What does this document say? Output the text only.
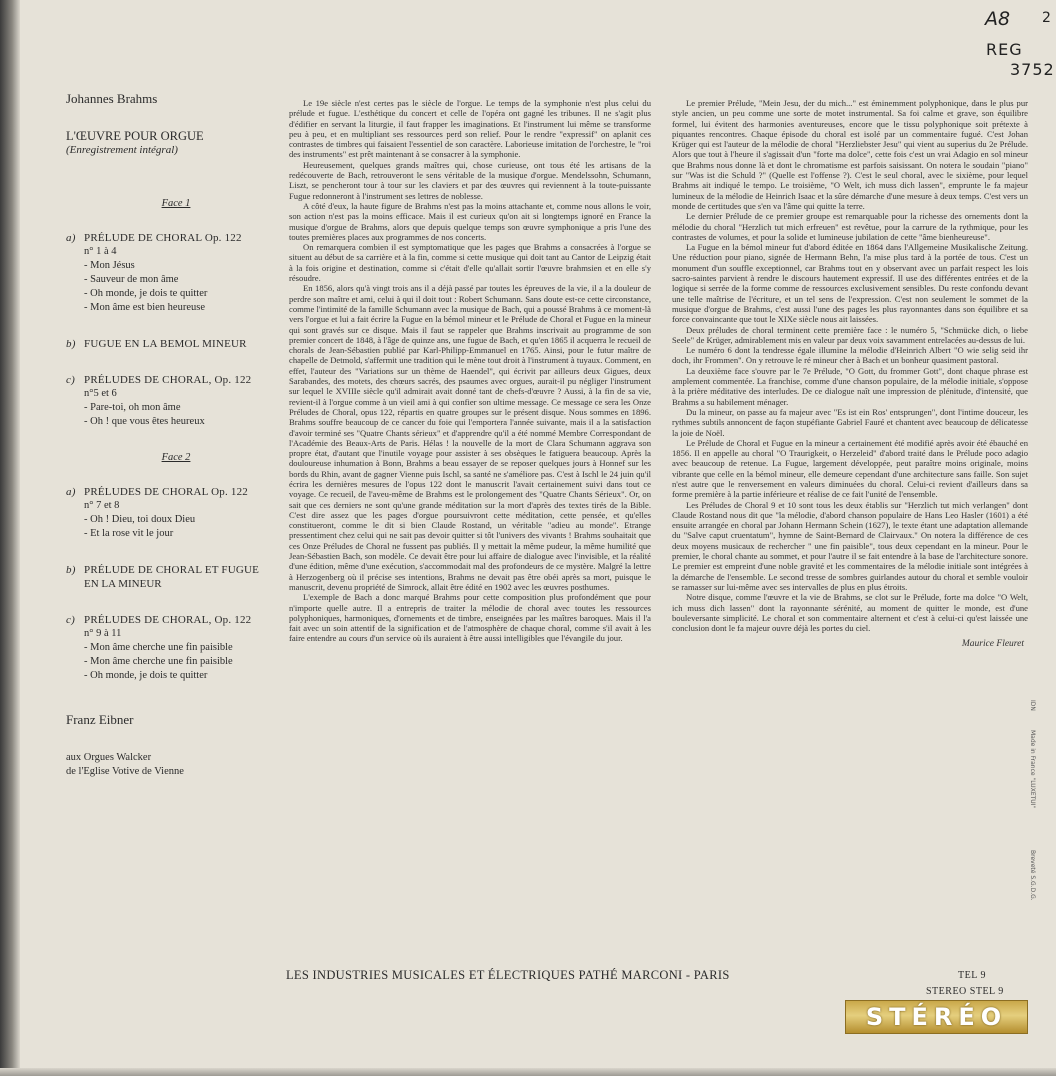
A8 2
REG
3752
Johannes Brahms
L'ŒUVRE POUR ORGUE
(Enregistrement intégral)
Face 1
a) PRÉLUDE DE CHORAL Op. 122
n° 1 à 4
- Mon Jésus
- Sauveur de mon âme
- Oh monde, je dois te quitter
- Mon âme est bien heureuse
b) FUGUE EN LA BEMOL MINEUR
c) PRÉLUDES DE CHORAL, Op. 122
n°5 et 6
- Pare-toi, oh mon âme
- Oh ! que vous êtes heureux
Face 2
a) PRÉLUDES DE CHORAL Op. 122
n° 7 et 8
- Oh ! Dieu, toi doux Dieu
- Et la rose vit le jour
b) PRÉLUDE DE CHORAL ET FUGUE
EN LA MINEUR
c) PRÉLUDES DE CHORAL, Op. 122
n° 9 à 11
- Mon âme cherche une fin paisible
- Mon âme cherche une fin paisible
- Oh monde, je dois te quitter
Franz Eibner
aux Orgues Walcker
de l'Eglise Votive de Vienne

Le 19e siècle n'est certes pas le siècle de l'orgue. Le temps de la symphonie n'est plus celui du prélude et fugue. L'esthétique du concert et celle de l'opéra ont gagné les tribunes. Il ne s'agit plus d'édifier en servant la liturgie, il faut frapper les imaginations. Et l'instrument lui même se transforme peu à peu, et en multipliant ses ressources perd son relief. Pour le rendre "expressif" on aplanit ces contrastes de timbres qui faisaient l'essentiel de son caractère. Laborieuse imitation de l'orchestre, le "roi des instruments" est prêt maintenant à se consacrer à la symphonie.

Heureusement, quelques grands maîtres qui, chose curieuse, ont tous été les artisans de la redécouverte de Bach, retrouveront le sens véritable de la musique d'orgue. Mendelssohn, Schumann, Liszt, se pencheront tour à tour sur les claviers et par des œuvres qui reviennent à la toute-puissante Fugue redonneront à l'instrument ses lettres de noblesse.

A côté d'eux, la haute figure de Brahms n'est pas la moins attachante et, comme nous allons le voir, son action n'est pas la moins efficace. Mais il est curieux qu'on ait si longtemps ignoré en France la musique d'orgue de Brahms, alors que depuis quelque temps son œuvre symphonique a pris l'une des toutes premières places aux programmes de nos concerts.

On remarquera combien il est symptomatique que les pages que Brahms a consacrées à l'orgue se situent au début de sa carrière et à la fin, comme si cette musique qui doit tant au Cantor de Leipzig était à la fois origine et destination, comme si c'était d'elle qu'allait sortir l'œuvre brahmsien et en elle s'y résoudre.

En 1856, alors qu'à vingt trois ans il a déjà passé par toutes les épreuves de la vie, il a la douleur de perdre son maître et ami, celui à qui il doit tout : Robert Schumann. Sans doute est-ce cette circonstance, comme l'intimité de la famille Schumann avec la musique de Bach, qui a poussé Brahms à ce moment-là vers l'orgue et lui a fait écrire la Fugue en la bémol mineur et le Prélude de Choral et Fugue en la mineur qui sont gravés sur ce disque. Mais il faut se rappeler que Brahms inscrivait au programme de son premier concert de 1848, à l'âge de quinze ans, une fugue de Bach, et qu'en 1865 il acquerra le recueil de chorals de Jean-Sébastien publié par Karl-Philipp-Emmanuel en 1765. Ainsi, pour le futur maître de chapelle de Detmold, s'affermit une tradition qui le mène tout droit à l'instrument à tuyaux. Comment, en effet, l'auteur des "Variations sur un thème de Haendel", qui écrivit par ailleurs deux Gigues, deux Sarabandes, des motets, des chœurs sacrés, des psaumes avec orgues, aurait-il pu négliger l'instrument sur lequel le XVIIIe siècle qu'il admirait avait donné tant de chefs-d'œuvre ? Aussi, à la fin de sa vie, revient-il à l'orgue comme à un vieil ami à qui confier son ultime message. Ce message ce sera les Onze Préludes de Choral, opus 122, répartis en quatre groupes sur le présent disque. Nous sommes en 1896. Brahms souffre beaucoup de ce cancer du foie qui l'emportera l'année suivante, mais il a la satisfaction d'avoir terminé ses "Quatre Chants sérieux" et d'apprendre qu'il a été nommé Membre Correspondant de l'Académie des Beaux-Arts de Paris. Hélas ! la nouvelle de la mort de Clara Schumann aggrava son propre état, d'autant que l'inutile voyage pour assister à ses obsèques le fatiguera beaucoup. Après la douloureuse inhumation à Bonn, Brahms a beau essayer de se reposer quelques jours à Honnef sur les bords du Rhin, avant de gagner Vienne puis Ischl, sa santé ne s'améliore pas. C'est à Ischl le 24 juin qu'il écrira les dernières mesures de l'opus 122 dont le manuscrit l'avait certainement suivi dans tout ce voyage. Ce recueil, de l'aveu-même de Brahms est le prolongement des "Quatre Chants Sérieux". Or, on sait que ces derniers ne sont qu'une grande méditation sur la mort d'après des textes tirés de la Bible. C'est dire assez que les pages d'orgue poursuivront cette méditation, cette pensée, et qu'elles constitueront, comme le dit si bien Claude Rostand, un véritable "adieu au monde". Etrange pressentiment chez celui qui ne sait pas devoir quitter si tôt l'univers des vivants ! Brahms souhaitait que ces Onze Préludes de Choral ne fussent pas publiés. Il y mettait la même pudeur, la même humilité que Jean-Sébastien Bach, son modèle. Ce devait être pour lui affaire de dialogue avec l'invisible, et la réalité d'une édition, même d'une exécution, s'accommodait mal des profondeurs de ce mystère. Malgré la lettre à Herzogenberg où il précise ses intentions, Brahms ne devait pas être obéi après sa mort, puisque le manuscrit, devenu propriété de Simrock, allait être édité en 1902 avec les œuvres posthumes.

L'exemple de Bach a donc marqué Brahms pour cette composition plus profondément que pour n'importe quelle autre. Il a entrepris de traiter la mélodie de choral avec toutes les ressources polyphoniques, harmoniques, d'ornements et de timbre, enseignées par les maîtres baroques. Mais il l'a fait avec un soin attentif de la signification et de l'atmosphère de chaque choral, comme s'il avait à les faire entendre au cours d'un service où ils auraient à être aussi intelligibles que l'évangile du jour.

Le premier Prélude, "Mein Jesu, der du mich..." est éminemment polyphonique, dans le plus pur style ancien, un peu comme une sorte de motet instrumental. Sa foi calme et grave, son équilibre formel, lui évitent des harmonies aventureuses, encore que le tissu polyphonique soit prétexte à piquantes rencontres. Chaque épisode du choral est isolé par un commentaire fugué. C'est Johan Krüger qui est l'auteur de la mélodie de choral "Herzliebster Jesu" qui vient au superius du 2e Prélude. Alors que tout à l'heure il s'agissait d'un "forte ma dolce", cette fois c'est un vrai Adagio en sol mineur que Brahms nous donne là et dont le chromatisme est parfois saisissant. On notera le soudain "piano" sur "Was ist die Schuld ?" (Quelle est l'offense ?). C'est le seul choral, avec le sixième, pour lequel Brahms ait indiqué le tempo. Le troisième, "O Welt, ich muss dich lassen", emprunte le fa majeur lumineux de la mélodie de Heinrich Isaac et la sûre démarche d'une mesure à deux temps. C'est vers un monde de certitudes que s'en va l'âme qui quitte la terre.

Le dernier Prélude de ce premier groupe est remarquable pour la richesse des ornements dont la mélodie du choral "Herzlich tut mich erfreuen" est revêtue, pour la carrure de la rythmique, pour les contrastes de volumes, et pour la solide et lumineuse jubilation de cette "âme bienheureuse".

La Fugue en la bémol mineur fut d'abord éditée en 1864 dans l'Allgemeine Musikalische Zeitung. Une réduction pour piano, signée de Hermann Behn, l'a mise plus tard à la portée de tous. C'est un monument d'un souffle exceptionnel, car Brahms tout en y observant avec un parfait respect les lois sacro-saintes parvient à rendre le discours hautement expressif. Il use des différentes entrées et de la logique si serrée de la forme comme de ressources exclusivement sensibles. Du reste confondu devant une telle maîtrise de l'écriture, et un tel sens de l'expression. C'est non seulement le sommet de la musique d'orgue de Brahms, c'est aussi l'une des pages les plus rayonnantes dans son équilibre et sa force convaincante que tout le XIXe siècle nous ait laissées.

Deux préludes de choral terminent cette première face : le numéro 5, "Schmücke dich, o liebe Seele" de Krüger, admirablement mis en valeur par deux voix savamment entrelacées au-dessus de lui.

Le numéro 6 dont la tendresse égale illumine la mélodie d'Heinrich Albert "O wie selig seid ihr doch, ihr Frommen". On y retrouve le ré mineur cher à Bach et un bonheur quasiment pastoral.

La deuxième face s'ouvre par le 7e Prélude, "O Gott, du frommer Gott", dont chaque phrase est amplement commentée. La franchise, comme d'une chanson populaire, de la mélodie initiale, s'oppose à la prière méditative des interludes. De ce dialogue naît une impression de plénitude, d'intensité, que Brahms a su habilement ménager.

Du la mineur, on passe au fa majeur avec "Es ist ein Ros' entsprungen", dont l'intime douceur, les rythmes subtils annoncent de façon stupéfiante Gabriel Fauré et chantent avec beaucoup de délicatesse la joie de Noël.

Le Prélude de Choral et Fugue en la mineur a certainement été modifié après avoir été ébauché en 1856. Il en appelle au choral "O Traurigkeit, o Herzeleid" d'abord traité dans le Prélude poco adagio avec beaucoup de retenue. La Fugue, largement développée, peut paraître moins originale, moins vibrante que celle en la bémol mineur, elle demeure cependant d'une architecture sans faille. Son sujet n'est autre que le renversement en valeurs diminuées du choral. Celui-ci revient d'ailleurs dans sa forme première à la partie inférieure et réalise de ce fait l'unité de l'ensemble.

Les Préludes de Choral 9 et 10 sont tous les deux établis sur "Herzlich tut mich verlangen" dont Claude Rostand nous dit que "la mélodie, d'abord chanson populaire de Hans Leo Hasler (1601) a été ensuite arrangée en choral par Johann Hermann Schein (1627), le texte étant une adaptation allemande du "Salve caput cruentatum", hymne de Saint-Bernard de Clairvaux." On notera la différence de ces deux moyens musicaux de rechercher " une fin paisible", tous deux cependant en la mineur. Pour le premier, le choral chante au sommet, et pour l'autre il se fait entendre à la base de l'architecture sonore. Le premier est empreint d'une noble gravité et les commentaires de la mélodie initiale sont intégrées à la démarche de l'ensemble. Le second tresse de sombres guirlandes autour du choral et semble vouloir se ramasser sur lui-même avec ses intervalles de plus en plus étroits.

Notre disque, comme l'œuvre et la vie de Brahms, se clot sur le Prélude, forte ma dolce "O Welt, ich muss dich lassen" dont la rayonnante sérénité, au moment de quitter le monde, est d'une bouleversante simplicité. Le choral et son commentaire alternent et c'est à celui-ci qu'est laissée une conclusion dont le fa majeur ouvre déjà les portes du ciel.

Maurice Fleuret
IDN
Made in France "LUXETUI"
Breveté S.G.D.G.
LES INDUSTRIES MUSICALES ET ÉLECTRIQUES PATHÉ MARCONI - PARIS	TEL 9
STEREO STEL 9
STÉRÉO
